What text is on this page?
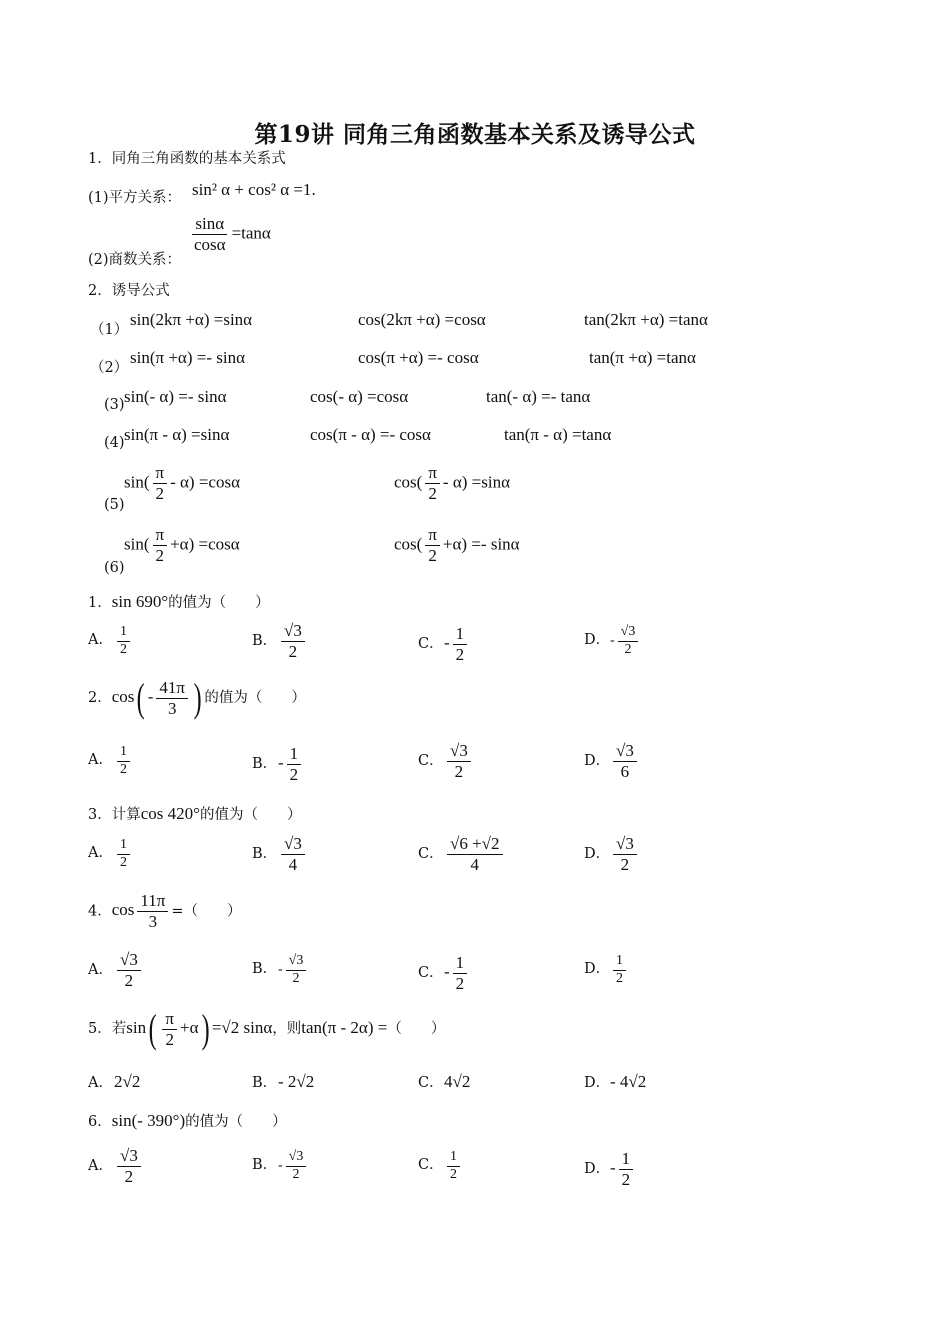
第19讲 同角三角函数基本关系及诱导公式
1．同角三角函数的基本关系式
(1)平方关系： sin² α + cos² α =1.
(2)商数关系：
$\frac{\sin\alpha}{\cos\alpha} =\tan\alpha$
2．诱导公式
（1）
sin(2kπ +α) =sinα	cos(2kπ +α) =cosα	tan(2kπ +α) =tanα
（2）
sin(π +α) =- sinα	cos(π +α) =- cosα	tan(π +α) =tanα
(3) sin(- α) =- sinα	cos(- α) =cosα	tan(- α) =- tanα
(4) sin(π - α) =sinα	cos(π - α) =- cosα	tan(π - α) =tanα
(5)
$\sin( \frac{\pi}{2} - \alpha) =\cos\alpha$	$\cos( \frac{\pi}{2} - \alpha) =\sin\alpha$
(6)
$\sin( \frac{\pi}{2} +\alpha) =\cos\alpha$	$\cos( \frac{\pi}{2} +\alpha) =- \sin\alpha$
1．sin 690°的值为（　　）
A． $\frac{1}{2}$	B． $\frac{√3}{2}$	C．- $\frac{1}{2}$	D．- $\frac{√3}{2}$
2．$\cos( - \frac{41\pi}{3}$ ) 的值为（　　）
A． $\frac{1}{2}$	B．- $\frac{1}{2}$	C． $\frac{√3}{2}$	D． $\frac{√3}{6}$
3．计算cos 420°的值为（　　）
A． $\frac{1}{2}$	B． $\frac{√3}{4}$	C． $\frac{√6 +√2}{4}$	D． $\frac{√3}{2}$
4．$\cos \frac{11\pi}{3}$ =（　　）
A． $\frac{√3}{2}$	B．- $\frac{√3}{2}$	C．- $\frac{1}{2}$	D． $\frac{1}{2}$
5．若$\sin( \frac{\pi}{2} +\alpha) =√2$ sinα，则tan(π - 2α) =（　　）
A．2√2	B．- 2√2	C．4√2	D．- 4√2
6．sin(- 390°)的值为（　　）
A． $\frac{√3}{2}$	B．- $\frac{√3}{2}$	C． $\frac{1}{2}$	D．- $\frac{1}{2}$
